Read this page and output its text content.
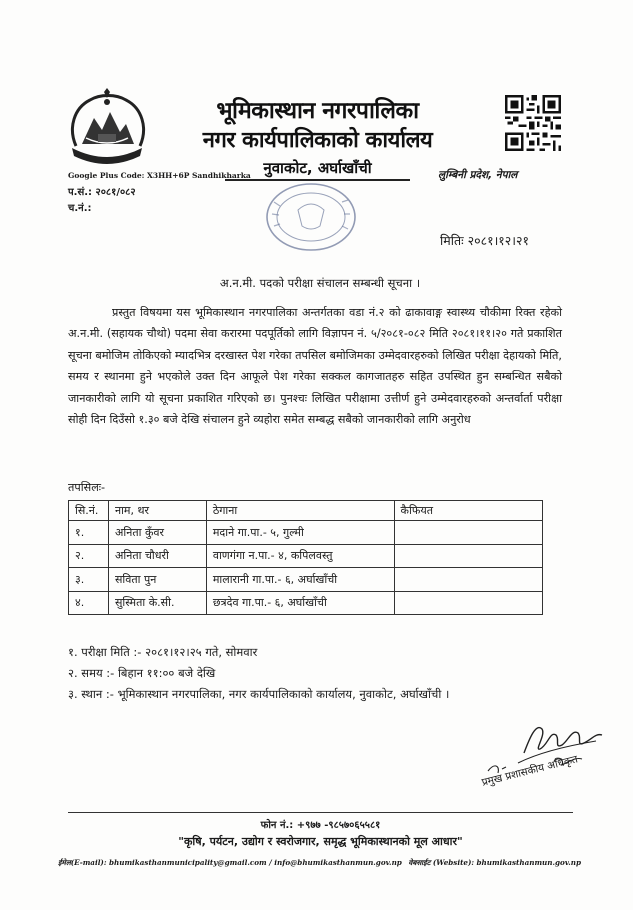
भूमिकास्थान नगरपालिका
नगर कार्यपालिकाको कार्यालय
नुवाकोट, अर्घाखाँची	लुम्बिनी प्रदेश, नेपाल
Google Plus Code: X3HH+6P Sandhikharka
प.सं.: २०८१/०८२
च.नं.:
मितिः २०८१।१२।२१
अ.न.मी. पदको परीक्षा संचालन सम्बन्धी सूचना ।

प्रस्तुत विषयमा यस भूमिकास्थान नगरपालिका अन्तर्गतका वडा नं.२ को ढाकावाङ्ग स्वास्थ्य चौकीमा रिक्त रहेको अ.न.मी. (सहायक चौथो) पदमा सेवा करारमा पदपूर्तिको लागि विज्ञापन नं. ५/२०८१-०८२ मिति २०८१।११।२० गते प्रकाशित सूचना बमोजिम तोकिएको म्यादभित्र दरखास्त पेश गरेका तपसिल बमोजिमका उम्मेदवारहरुको लिखित परीक्षा देहायको मिति, समय र स्थानमा हुने भएकोले उक्त दिन आफूले पेश गरेका सक्कल कागजातहरु सहित उपस्थित हुन सम्बन्धित सबैको जानकारीको लागि यो सूचना प्रकाशित गरिएको छ। पुनश्चः लिखित परीक्षामा उत्तीर्ण हुने उम्मेदवारहरुको अन्तर्वार्ता परीक्षा सोही दिन दिउँसो १.३० बजे देखि संचालन हुने व्यहोरा समेत सम्बद्ध सबैको जानकारीको लागि अनुरोध

तपसिलः-
सि.नं.	नाम, थर	ठेगाना	कैफियत
१.	अनिता कुँवर	मदाने गा.पा.- ५, गुल्मी	
२.	अनिता चौधरी	वाणगंगा न.पा.- ४, कपिलवस्तु	
३.	सविता पुन	मालारानी गा.पा.- ६, अर्घाखाँची	
४.	सुस्मिता के.सी.	छत्रदेव गा.पा.- ६, अर्घाखाँची	
१. परीक्षा मिति :- २०८१।१२।२५ गते, सोमवार
२. समय :- बिहान ११:०० बजे देखि
३. स्थान :- भूमिकास्थान नगरपालिका, नगर कार्यपालिकाको कार्यालय, नुवाकोट, अर्घाखाँची ।
प्रमुख प्रशासकीय अधिकृत
फोन नं.: +९७७ -९८५७०६५५८१
"कृषि, पर्यटन, उद्योग र स्वरोजगार, समृद्ध भूमिकास्थानको मूल आधार"
ईमेल(E-mail): bhumikasthanmunicipality@gmail.com / info@bhumikasthanmun.gov.np वेबसाईट (Website): bhumikasthanmun.gov.np
